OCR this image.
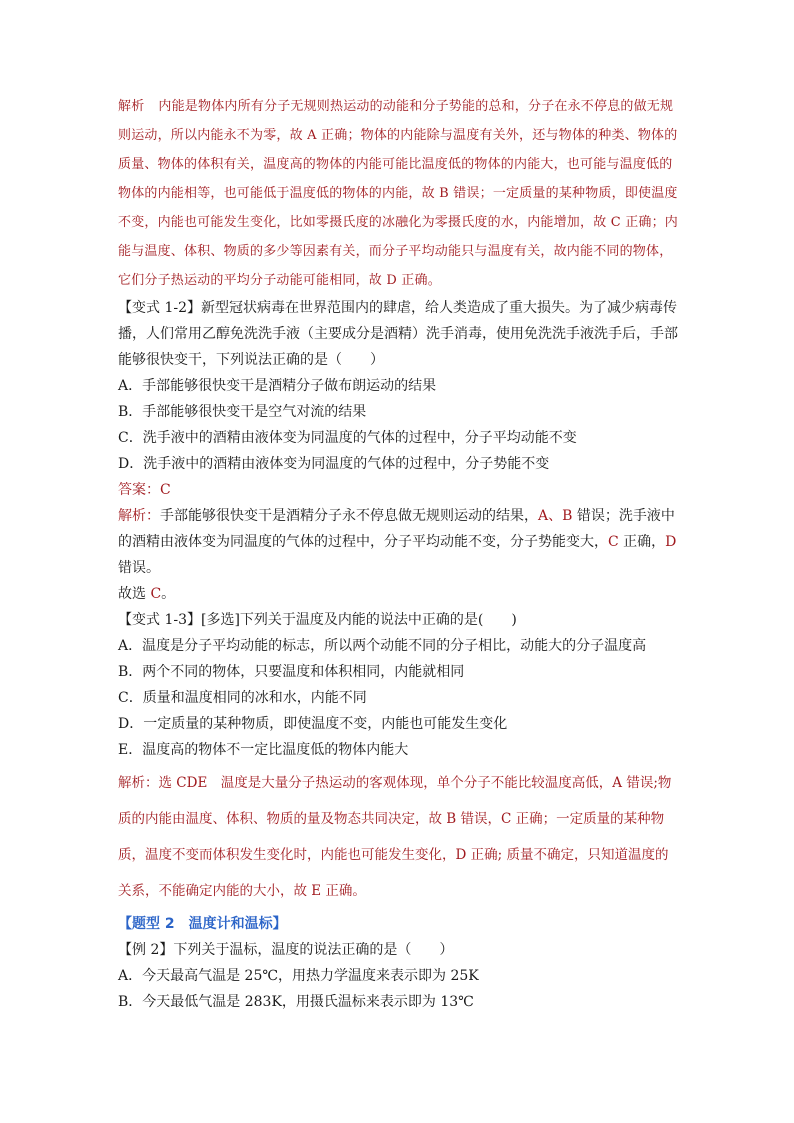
解析 内能是物体内所有分子无规则热运动的动能和分子势能的总和，分子在永不停息的做无规则运动，所以内能永不为零，故 A 正确；物体的内能除与温度有关外，还与物体的种类、物体的质量、物体的体积有关，温度高的物体的内能可能比温度低的物体的内能大，也可能与温度低的物体的内能相等，也可能低于温度低的物体的内能，故 B 错误；一定质量的某种物质，即使温度不变，内能也可能发生变化，比如零摄氏度的冰融化为零摄氏度的水，内能增加，故 C 正确；内能与温度、体积、物质的多少等因素有关，而分子平均动能只与温度有关，故内能不同的物体，它们分子热运动的平均分子动能可能相同，故 D 正确。

【变式 1-2】新型冠状病毒在世界范围内的肆虐，给人类造成了重大损失。为了减少病毒传播，人们常用乙醇免洗洗手液（主要成分是酒精）洗手消毒，使用免洗洗手液洗手后，手部能够很快变干，下列说法正确的是（　　）

A．手部能够很快变干是酒精分子做布朗运动的结果

B．手部能够很快变干是空气对流的结果

C．洗手液中的酒精由液体变为同温度的气体的过程中，分子平均动能不变

D．洗手液中的酒精由液体变为同温度的气体的过程中，分子势能不变

答案：C

解析：手部能够很快变干是酒精分子永不停息做无规则运动的结果，A、B 错误；洗手液中的酒精由液体变为同温度的气体的过程中，分子平均动能不变，分子势能变大，C 正确，D 错误。

故选 C。

【变式 1-3】[多选]下列关于温度及内能的说法中正确的是(　　)

A．温度是分子平均动能的标志，所以两个动能不同的分子相比，动能大的分子温度高

B．两个不同的物体，只要温度和体积相同，内能就相同

C．质量和温度相同的冰和水，内能不同

D．一定质量的某种物质，即使温度不变，内能也可能发生变化

E．温度高的物体不一定比温度低的物体内能大

解析：选 CDE　温度是大量分子热运动的客观体现，单个分子不能比较温度高低，A 错误;物质的内能由温度、体积、物质的量及物态共同决定，故 B 错误，C 正确；一定质量的某种物质，温度不变而体积发生变化时，内能也可能发生变化，D 正确; 质量不确定，只知道温度的关系，不能确定内能的大小，故 E 正确。

【题型 2 温度计和温标】

【例 2】下列关于温标，温度的说法正确的是（　　）

A．今天最高气温是 25℃，用热力学温度来表示即为 25K

B．今天最低气温是 283K，用摄氏温标来表示即为 13℃
